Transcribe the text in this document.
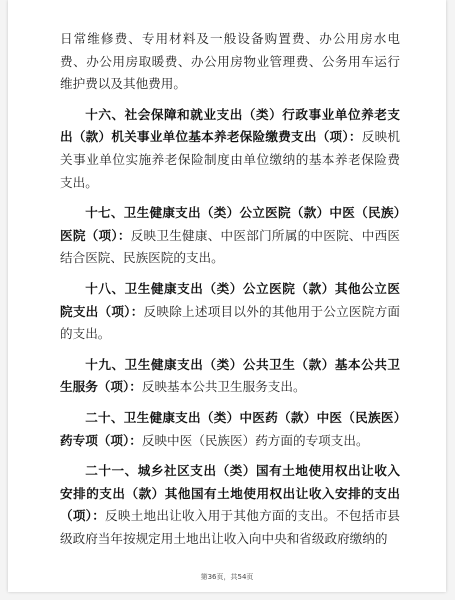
日常维修费、专用材料及一般设备购置费、办公用房水电费、办公用房取暖费、办公用房物业管理费、公务用车运行维护费以及其他费用。

十六、社会保障和就业支出（类）行政事业单位养老支出（款）机关事业单位基本养老保险缴费支出（项）：反映机关事业单位实施养老保险制度由单位缴纳的基本养老保险费支出。

十七、卫生健康支出（类）公立医院（款）中医（民族）医院（项）：反映卫生健康、中医部门所属的中医院、中西医结合医院、民族医院的支出。

十八、卫生健康支出（类）公立医院（款）其他公立医院支出（项）：反映除上述项目以外的其他用于公立医院方面的支出。

十九、卫生健康支出（类）公共卫生（款）基本公共卫生服务（项）：反映基本公共卫生服务支出。

二十、卫生健康支出（类）中医药（款）中医（民族医）药专项（项）：反映中医（民族医）药方面的专项支出。

二十一、城乡社区支出（类）国有土地使用权出让收入安排的支出（款）其他国有土地使用权出让收入安排的支出（项）：反映土地出让收入用于其他方面的支出。不包括市县级政府当年按规定用土地出让收入向中央和省级政府缴纳的

第36页，共54页
